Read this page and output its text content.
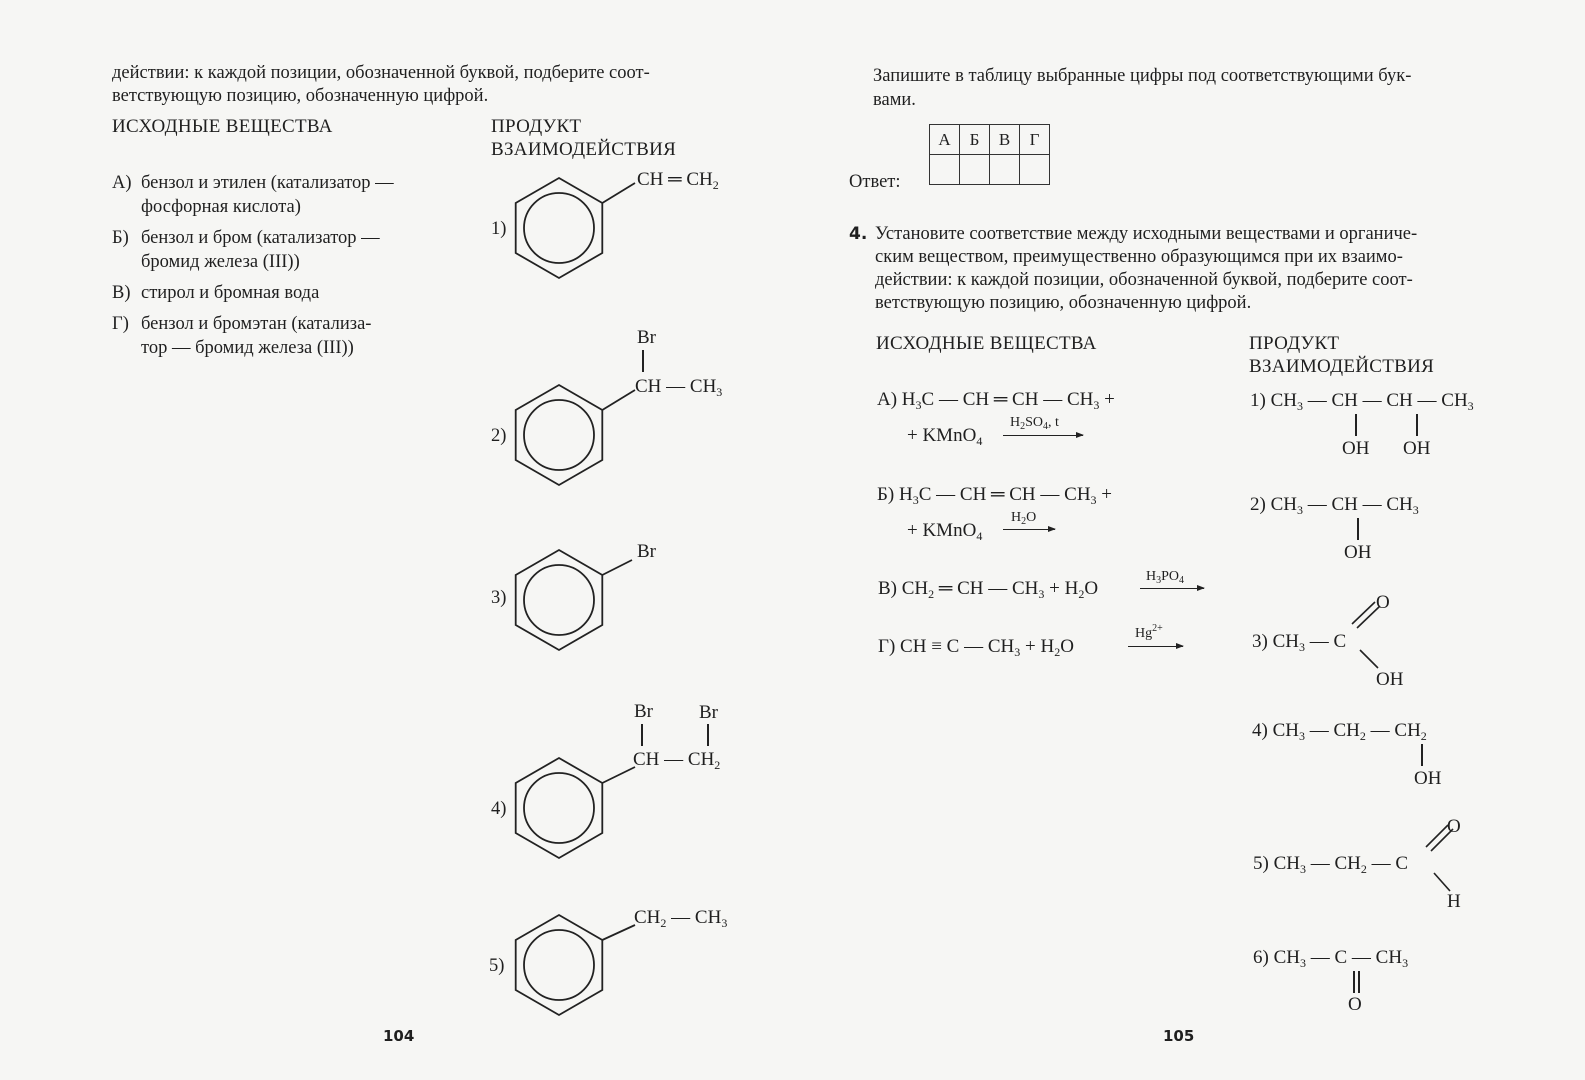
действии: к каждой позиции, обозначенной буквой, подберите соот-
ветствующую позицию, обозначенную цифрой.
ИСХОДНЫЕ ВЕЩЕСТВА	ПРОДУКТ
ВЗАИМОДЕЙСТВИЯ
А) бензол и этилен (катализатор —
фосфорная кислота)
Б) бензол и бром (катализатор —
бромид железа (III))
В) стирол и бромная вода
Г) бензол и бромэтан (катализа-
тор — бромид железа (III))
1)
CH ═ $CH_2$
2)
Br
CH — $CH_3$
3)
Br
4)
Br Br
CH — $CH_2$
5)
$CH_2$ — $CH_3$
104
Запишите в таблицу выбранные цифры под соответствующими бук-
вами.
Ответ:
А	Б	В	Г

4. Установите соответствие между исходными веществами и органиче-
ским веществом, преимущественно образующимся при их взаимо-
действии: к каждой позиции, обозначенной буквой, подберите соот-
ветствующую позицию, обозначенную цифрой.
ИСХОДНЫЕ ВЕЩЕСТВА	ПРОДУКТ
ВЗАИМОДЕЙСТВИЯ
А) $H_3C$ — CH ═ CH — $CH_3$ +
+ KMnO$_4$
$H_2SO_4$, t
Б) $H_3C$ — CH ═ CH — $CH_3$ +
+ KMnO$_4$
$H_2O$
В) $CH_2$ ═ CH — $CH_3 + H_2O$
$H_3PO_4$
Г) CH ≡ C — $CH_3 + H_2O$
$Hg^{2+}$
1) $CH_3$ — CH — CH — $CH_3$
OH OH
2) $CH_3$ — CH — $CH_3$
OH
3) $CH_3$ — C
O
OH
4) $CH_3$ — $CH_2$ — $CH_2$
OH
5) $CH_3$ — $CH_2$ — C
O
H
6) $CH_3$ — C — $CH_3$
O
105
